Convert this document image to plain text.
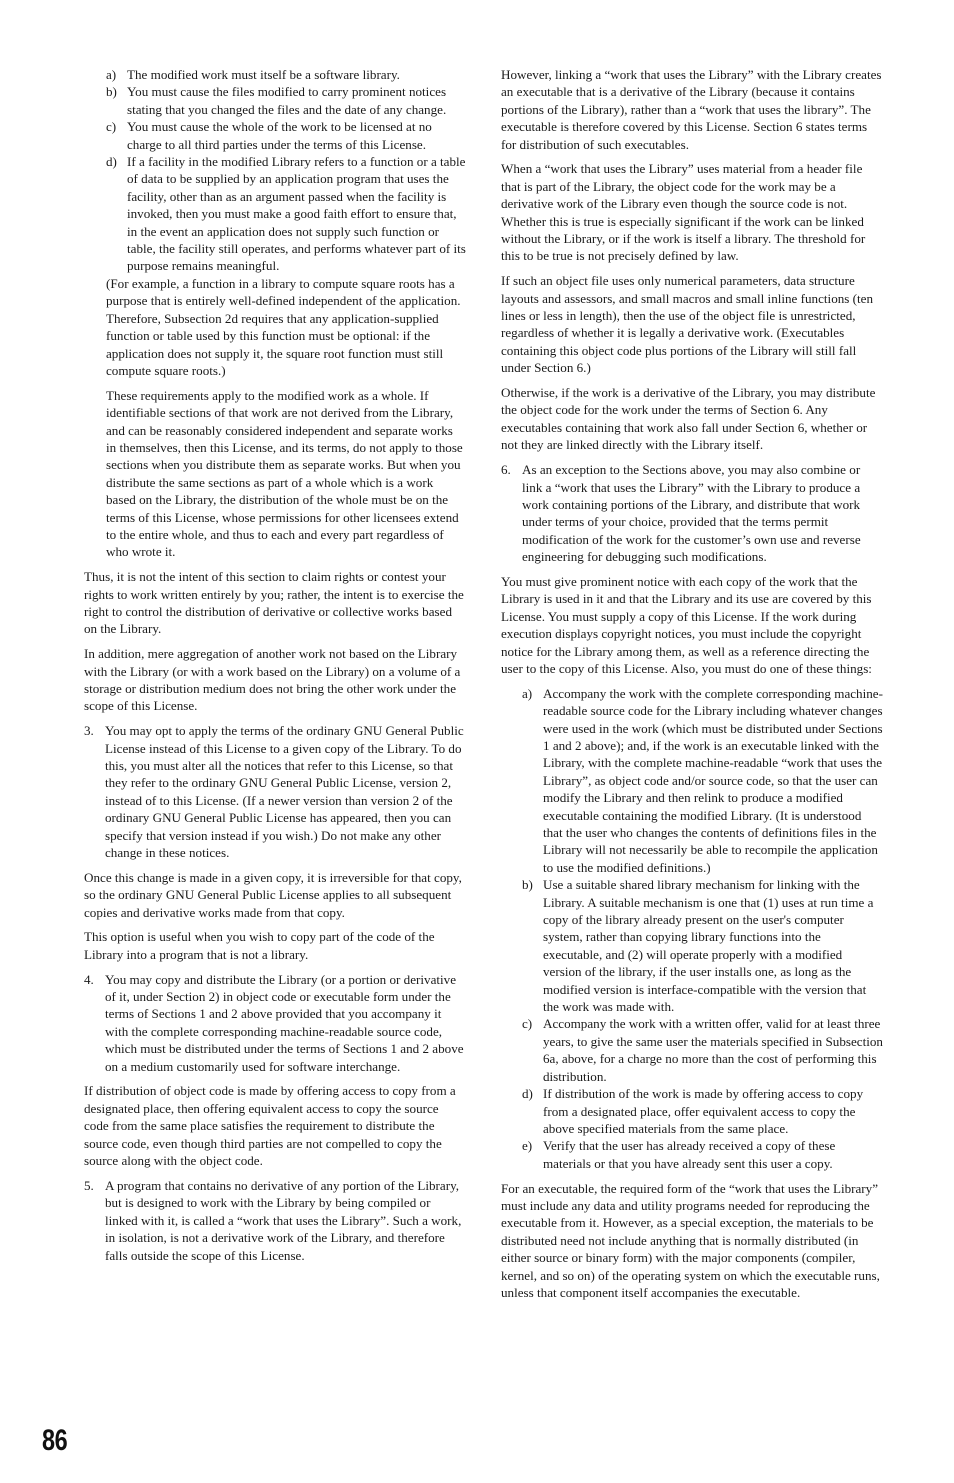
a) The modified work must itself be a software library.
b) You must cause the files modified to carry prominent notices stating that you changed the files and the date of any change.
c) You must cause the whole of the work to be licensed at no charge to all third parties under the terms of this License.
d) If a facility in the modified Library refers to a function or a table of data to be supplied by an application program that uses the facility, other than as an argument passed when the facility is invoked, then you must make a good faith effort to ensure that, in the event an application does not supply such function or table, the facility still operates, and performs whatever part of its purpose remains meaningful.

(For example, a function in a library to compute square roots has a purpose that is entirely well-defined independent of the application. Therefore, Subsection 2d requires that any application-supplied function or table used by this function must be optional: if the application does not supply it, the square root function must still compute square roots.)

These requirements apply to the modified work as a whole. If identifiable sections of that work are not derived from the Library, and can be reasonably considered independent and separate works in themselves, then this License, and its terms, do not apply to those sections when you distribute them as separate works. But when you distribute the same sections as part of a whole which is a work based on the Library, the distribution of the whole must be on the terms of this License, whose permissions for other licensees extend to the entire whole, and thus to each and every part regardless of who wrote it.

Thus, it is not the intent of this section to claim rights or contest your rights to work written entirely by you; rather, the intent is to exercise the right to control the distribution of derivative or collective works based on the Library.

In addition, mere aggregation of another work not based on the Library with the Library (or with a work based on the Library) on a volume of a storage or distribution medium does not bring the other work under the scope of this License.

3. You may opt to apply the terms of the ordinary GNU General Public License instead of this License to a given copy of the Library. To do this, you must alter all the notices that refer to this License, so that they refer to the ordinary GNU General Public License, version 2, instead of to this License. (If a newer version than version 2 of the ordinary GNU General Public License has appeared, then you can specify that version instead if you wish.) Do not make any other change in these notices.

Once this change is made in a given copy, it is irreversible for that copy, so the ordinary GNU General Public License applies to all subsequent copies and derivative works made from that copy.

This option is useful when you wish to copy part of the code of the Library into a program that is not a library.

4. You may copy and distribute the Library (or a portion or derivative of it, under Section 2) in object code or executable form under the terms of Sections 1 and 2 above provided that you accompany it with the complete corresponding machine-readable source code, which must be distributed under the terms of Sections 1 and 2 above on a medium customarily used for software interchange.

If distribution of object code is made by offering access to copy from a designated place, then offering equivalent access to copy the source code from the same place satisfies the requirement to distribute the source code, even though third parties are not compelled to copy the source along with the object code.

5. A program that contains no derivative of any portion of the Library, but is designed to work with the Library by being compiled or linked with it, is called a “work that uses the Library”. Such a work, in isolation, is not a derivative work of the Library, and therefore falls outside the scope of this License.

However, linking a “work that uses the Library” with the Library creates an executable that is a derivative of the Library (because it contains portions of the Library), rather than a “work that uses the library”. The executable is therefore covered by this License. Section 6 states terms for distribution of such executables.

When a “work that uses the Library” uses material from a header file that is part of the Library, the object code for the work may be a derivative work of the Library even though the source code is not. Whether this is true is especially significant if the work can be linked without the Library, or if the work is itself a library. The threshold for this to be true is not precisely defined by law.

If such an object file uses only numerical parameters, data structure layouts and assessors, and small macros and small inline functions (ten lines or less in length), then the use of the object file is unrestricted, regardless of whether it is legally a derivative work. (Executables containing this object code plus portions of the Library will still fall under Section 6.)

Otherwise, if the work is a derivative of the Library, you may distribute the object code for the work under the terms of Section 6. Any executables containing that work also fall under Section 6, whether or not they are linked directly with the Library itself.

6. As an exception to the Sections above, you may also combine or link a “work that uses the Library” with the Library to produce a work containing portions of the Library, and distribute that work under terms of your choice, provided that the terms permit modification of the work for the customer’s own use and reverse engineering for debugging such modifications.

You must give prominent notice with each copy of the work that the Library is used in it and that the Library and its use are covered by this License. You must supply a copy of this License. If the work during execution displays copyright notices, you must include the copyright notice for the Library among them, as well as a reference directing the user to the copy of this License. Also, you must do one of these things:

a) Accompany the work with the complete corresponding machine-readable source code for the Library including whatever changes were used in the work (which must be distributed under Sections 1 and 2 above); and, if the work is an executable linked with the Library, with the complete machine-readable “work that uses the Library”, as object code and/or source code, so that the user can modify the Library and then relink to produce a modified executable containing the modified Library. (It is understood that the user who changes the contents of definitions files in the Library will not necessarily be able to recompile the application to use the modified definitions.)
b) Use a suitable shared library mechanism for linking with the Library. A suitable mechanism is one that (1) uses at run time a copy of the library already present on the user's computer system, rather than copying library functions into the executable, and (2) will operate properly with a modified version of the library, if the user installs one, as long as the modified version is interface-compatible with the version that the work was made with.
c) Accompany the work with a written offer, valid for at least three years, to give the same user the materials specified in Subsection 6a, above, for a charge no more than the cost of performing this distribution.
d) If distribution of the work is made by offering access to copy from a designated place, offer equivalent access to copy the above specified materials from the same place.
e) Verify that the user has already received a copy of these materials or that you have already sent this user a copy.

For an executable, the required form of the “work that uses the Library” must include any data and utility programs needed for reproducing the executable from it. However, as a special exception, the materials to be distributed need not include anything that is normally distributed (in either source or binary form) with the major components (compiler, kernel, and so on) of the operating system on which the executable runs, unless that component itself accompanies the executable.

86
